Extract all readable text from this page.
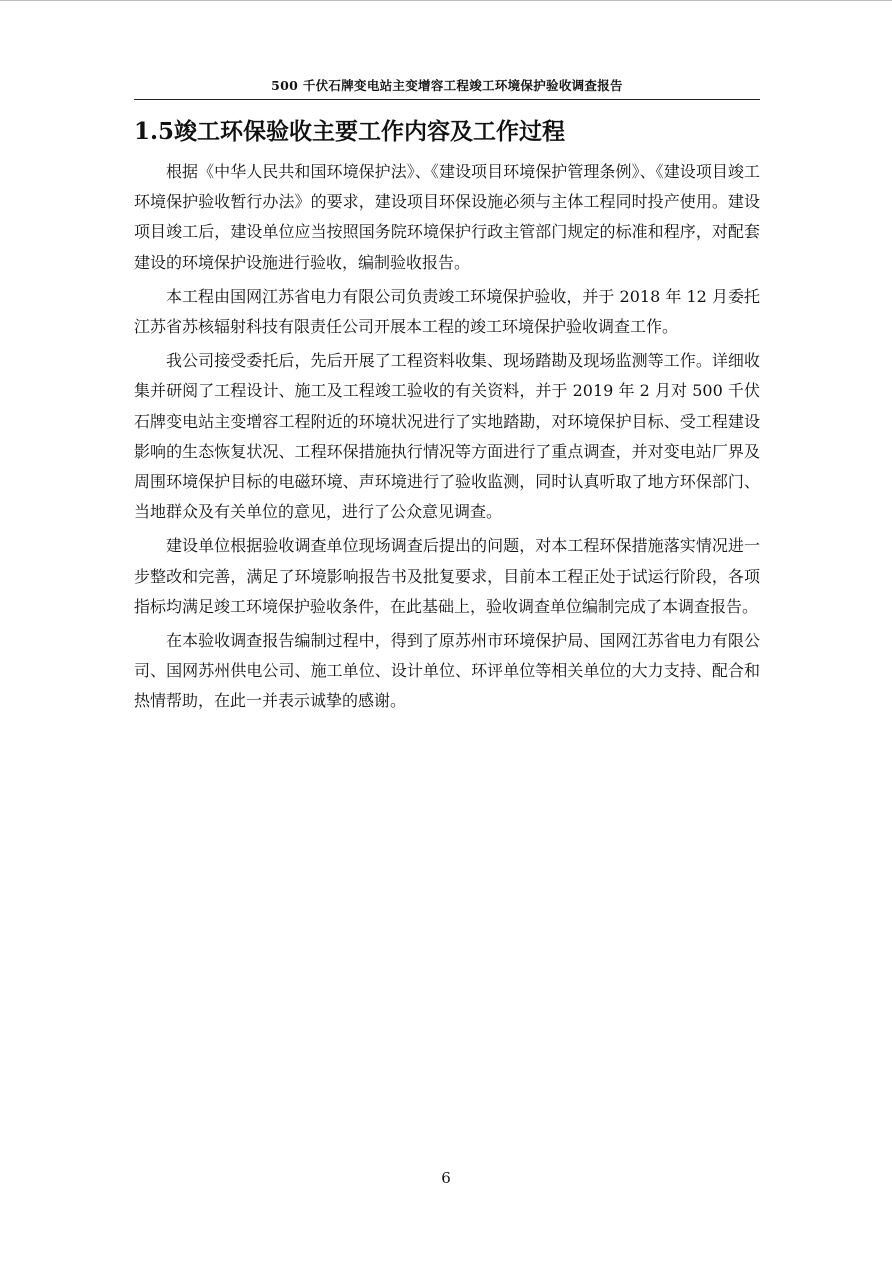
500 千伏石牌变电站主变增容工程竣工环境保护验收调查报告
1.5竣工环保验收主要工作内容及工作过程

根据《中华人民共和国环境保护法》、《建设项目环境保护管理条例》、《建设项目竣工环境保护验收暂行办法》的要求，建设项目环保设施必须与主体工程同时投产使用。建设项目竣工后，建设单位应当按照国务院环境保护行政主管部门规定的标准和程序，对配套建设的环境保护设施进行验收，编制验收报告。

本工程由国网江苏省电力有限公司负责竣工环境保护验收，并于 2018 年 12 月委托江苏省苏核辐射科技有限责任公司开展本工程的竣工环境保护验收调查工作。

我公司接受委托后，先后开展了工程资料收集、现场踏勘及现场监测等工作。详细收集并研阅了工程设计、施工及工程竣工验收的有关资料，并于 2019 年 2 月对 500 千伏石牌变电站主变增容工程附近的环境状况进行了实地踏勘，对环境保护目标、受工程建设影响的生态恢复状况、工程环保措施执行情况等方面进行了重点调查，并对变电站厂界及周围环境保护目标的电磁环境、声环境进行了验收监测，同时认真听取了地方环保部门、当地群众及有关单位的意见，进行了公众意见调查。

建设单位根据验收调查单位现场调查后提出的问题，对本工程环保措施落实情况进一步整改和完善，满足了环境影响报告书及批复要求，目前本工程正处于试运行阶段，各项指标均满足竣工环境保护验收条件，在此基础上，验收调查单位编制完成了本调查报告。

在本验收调查报告编制过程中，得到了原苏州市环境保护局、国网江苏省电力有限公司、国网苏州供电公司、施工单位、设计单位、环评单位等相关单位的大力支持、配合和热情帮助，在此一并表示诚挚的感谢。

6
